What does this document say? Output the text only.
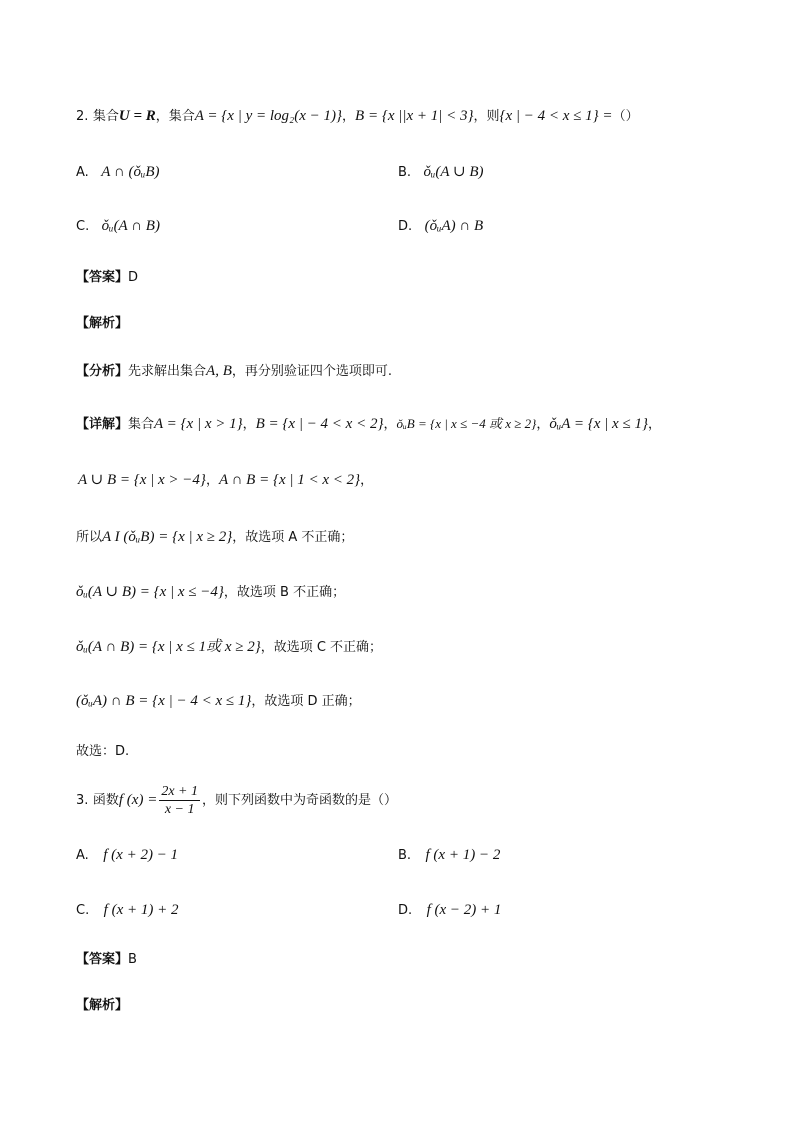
2. 集合U = R，集合A = {x | y = log₂(x − 1)}，B = {x ||x + 1| < 3}，则{x | − 4 < x ≤ 1} =（）
A. A ∩ (ǒᵤB)	B. ǒᵤ(A ∪ B)
C. ǒᵤ(A ∩ B)	D. (ǒᵤA) ∩ B
【答案】D
【解析】
【分析】先求解出集合A, B，再分别验证四个选项即可.
【详解】集合A = {x | x > 1}，B = {x | − 4 < x < 2}，ǒᵤB = {x | x ≤ −4 或 x ≥ 2}，ǒᵤA = {x | x ≤ 1}，
A ∪ B = {x | x > −4}，A ∩ B = {x | 1 < x < 2}，
所以A I (ǒᵤB) = {x | x ≥ 2}，故选项 A 不正确；
ǒᵤ(A ∪ B) = {x | x ≤ −4}，故选项 B 不正确；
ǒᵤ(A ∩ B) = {x | x ≤ 1或 x ≥ 2}，故选项 C 不正确；
(ǒᵤA) ∩ B = {x | − 4 < x ≤ 1}，故选项 D 正确；
故选：D.
3. 函数f $(x) = \frac{2x + 1}{x - 1}$ ，则下列函数中为奇函数的是（）
A. f (x + 2) − 1	B. f (x + 1) − 2
C. f (x + 1) + 2	D. f (x − 2) + 1
【答案】B
【解析】
